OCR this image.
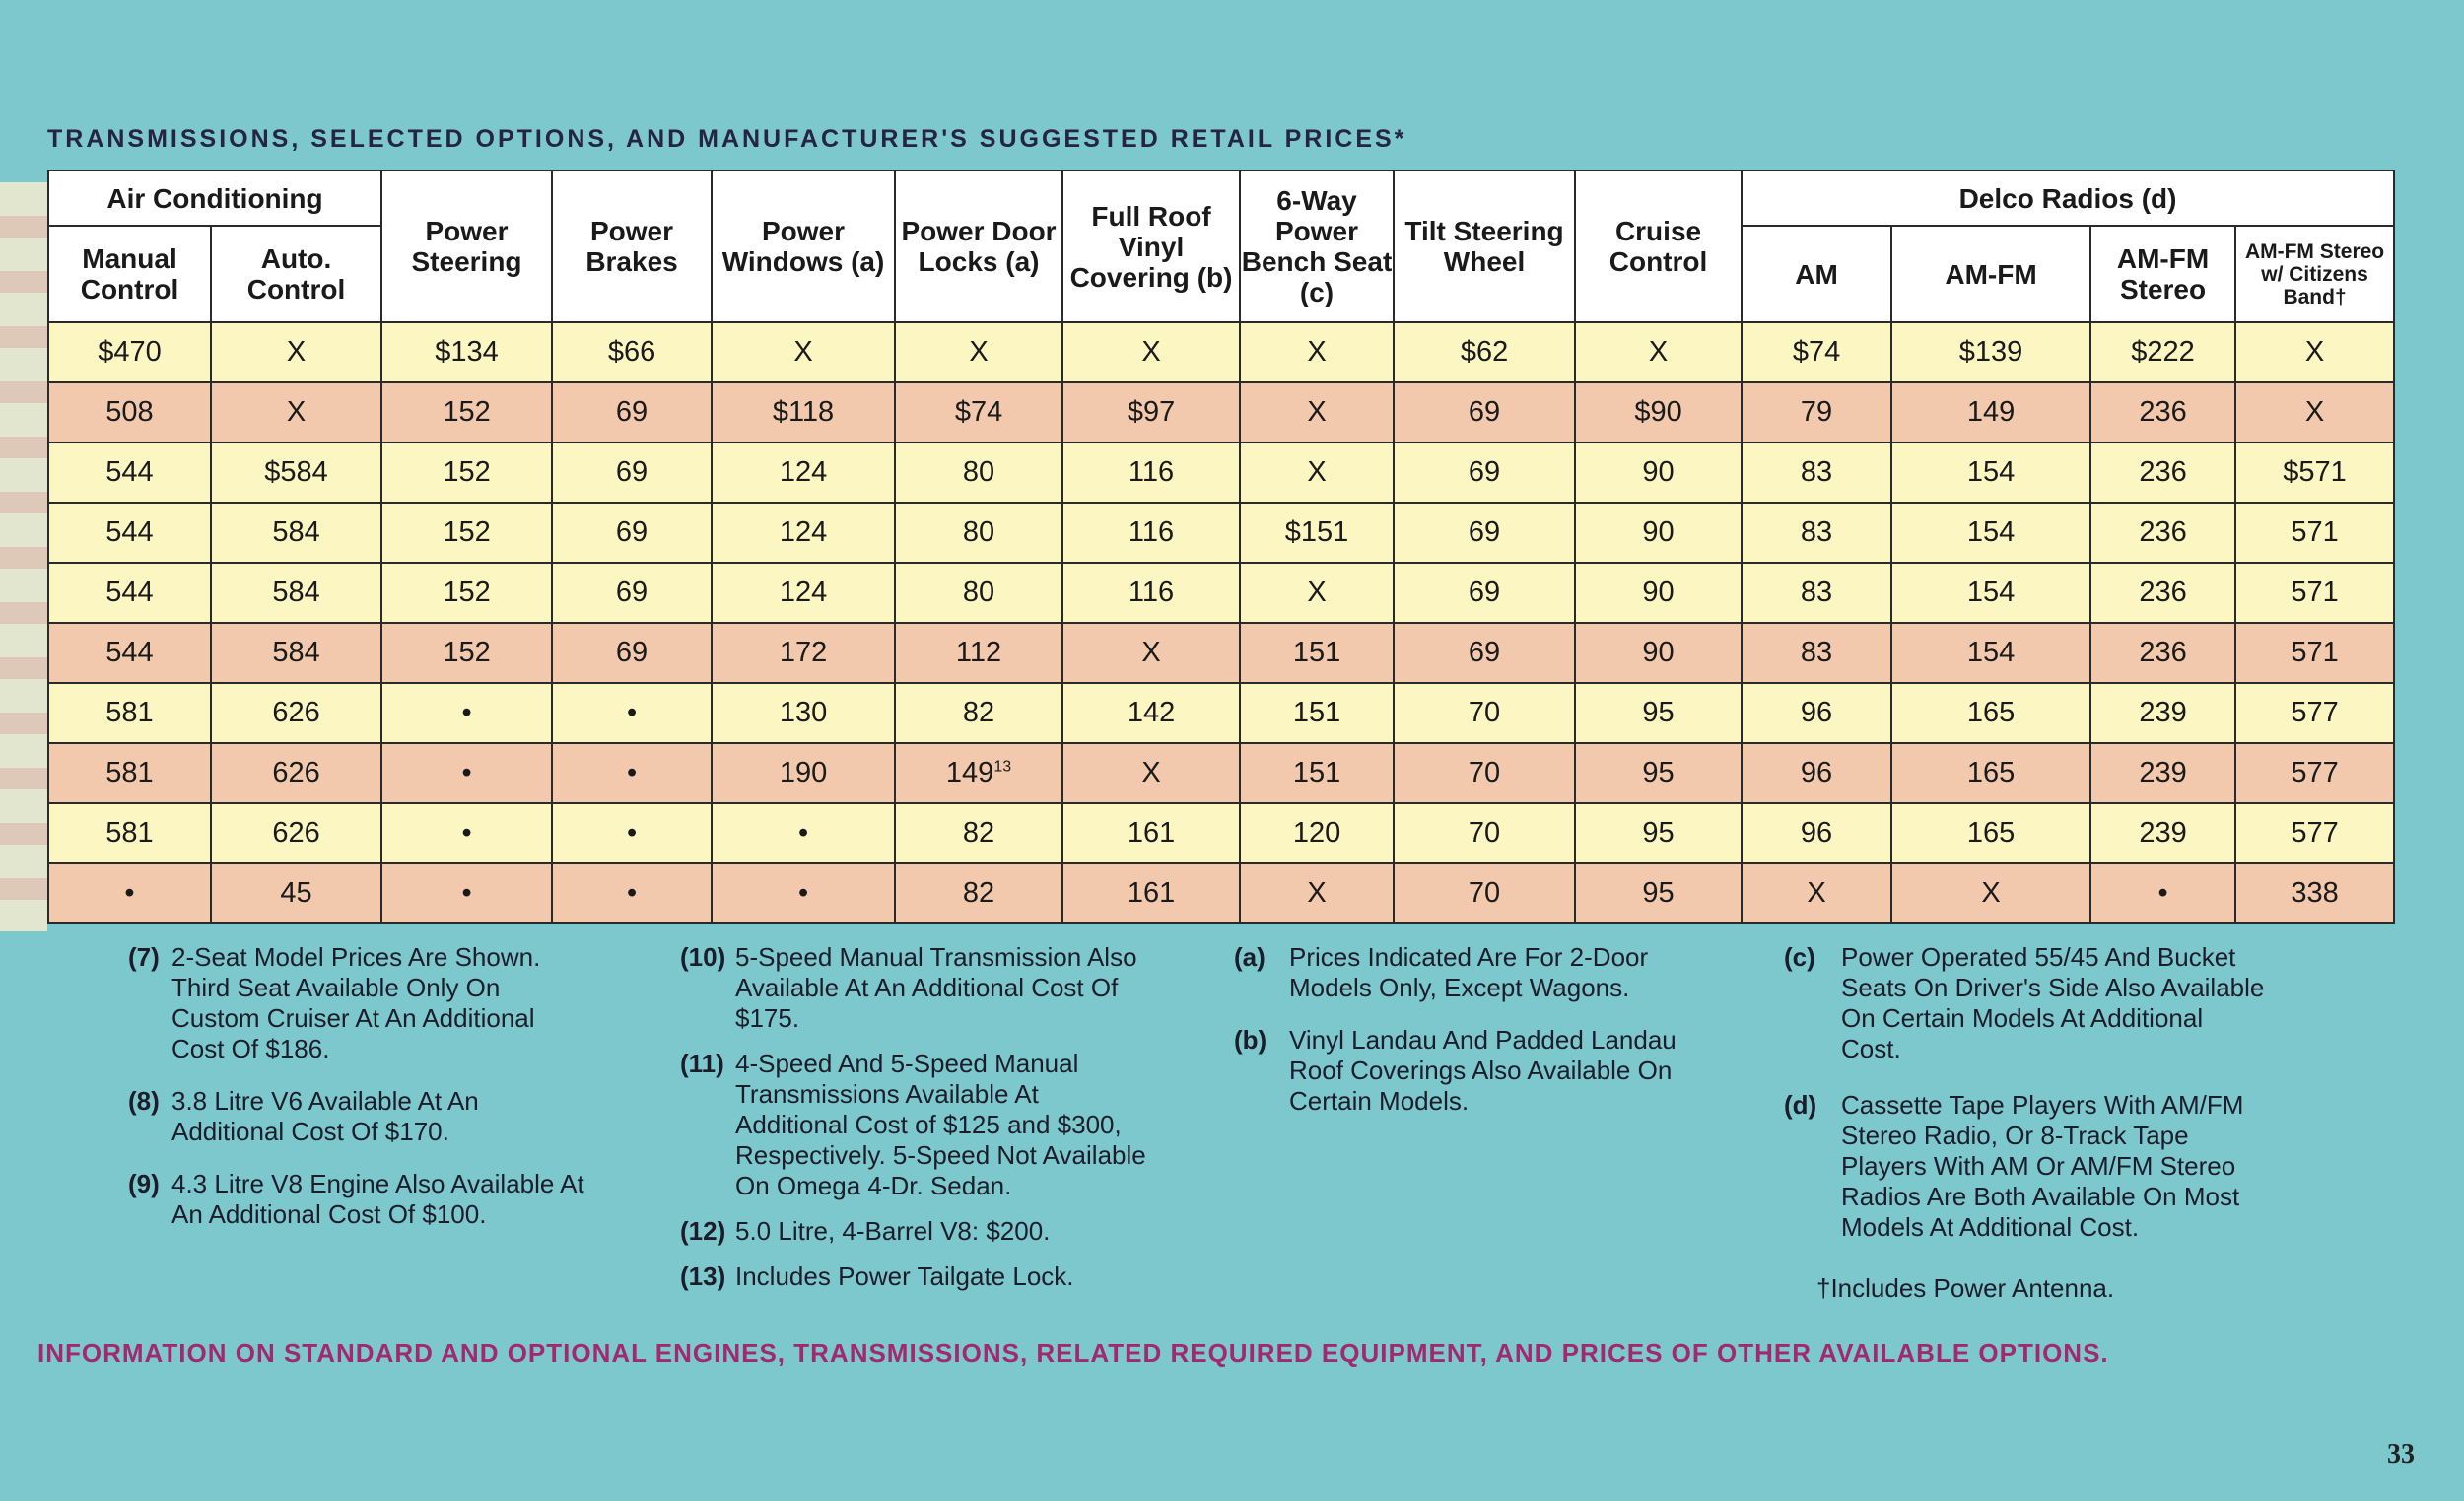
TRANSMISSIONS, SELECTED OPTIONS, AND MANUFACTURER'S SUGGESTED RETAIL PRICES*
Air Conditioning		Power Steering	Power Brakes	Power Windows (a)	Power Door Locks (a)	Full Roof Vinyl Covering (b)	6-Way Power Bench Seat (c)	Tilt Steering Wheel	Cruise Control	Delco Radios (d)			
Manual Control	Auto. Control									AM	AM-FM	AM-FM Stereo	AM-FM Stereo w/ Citizens Band†
$470	X	$134	$66	X	X	X	X	$62	X	$74	$139	$222	X
508	X	152	69	$118	$74	$97	X	69	$90	79	149	236	X
544	$584	152	69	124	80	116	X	69	90	83	154	236	$571
544	584	152	69	124	80	116	$151	69	90	83	154	236	571
544	584	152	69	124	80	116	X	69	90	83	154	236	571
544	584	152	69	172	112	X	151	69	90	83	154	236	571
581	626	•	•	130	82	142	151	70	95	96	165	239	577
581	626	•	•	190	$149^{13}$	X	151	70	95	96	165	239	577
581	626	•	•	•	82	161	120	70	95	96	165	239	577
•	45	•	•	•	82	161	X	70	95	X	X	•	338
(7) 2-Seat Model Prices Are Shown. Third Seat Available Only On Custom Cruiser At An Additional Cost Of $186.
(8) 3.8 Litre V6 Available At An Additional Cost Of $170.
(9) 4.3 Litre V8 Engine Also Available At An Additional Cost Of $100.
(10) 5-Speed Manual Transmission Also Available At An Additional Cost Of $175.
(11) 4-Speed And 5-Speed Manual Transmissions Available At Additional Cost of $125 and $300, Respectively. 5-Speed Not Available On Omega 4-Dr. Sedan.
(12) 5.0 Litre, 4-Barrel V8: $200.
(13) Includes Power Tailgate Lock.
(a) Prices Indicated Are For 2-Door Models Only, Except Wagons.
(b) Vinyl Landau And Padded Landau Roof Coverings Also Available On Certain Models.
(c)	Power Operated 55/45 And Bucket Seats On Driver's Side Also Available On Certain Models At Additional Cost.
(d) Cassette Tape Players With AM/FM Stereo Radio, Or 8-Track Tape Players With AM Or AM/FM Stereo Radios Are Both Available On Most Models At Additional Cost.
†Includes Power Antenna.
INFORMATION ON STANDARD AND OPTIONAL ENGINES, TRANSMISSIONS, RELATED REQUIRED EQUIPMENT, AND PRICES OF OTHER AVAILABLE OPTIONS.
33
